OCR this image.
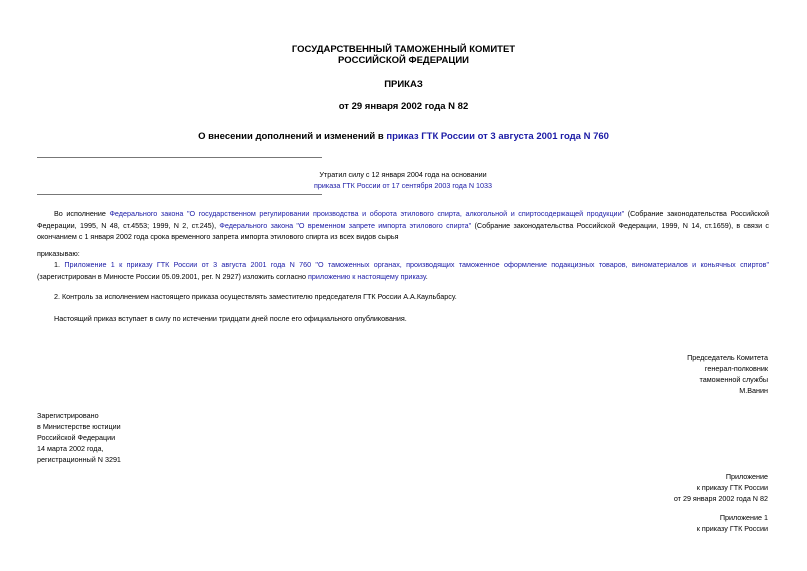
ГОСУДАРСТВЕННЫЙ ТАМОЖЕННЫЙ КОМИТЕТ
РОССИЙСКОЙ ФЕДЕРАЦИИ
ПРИКАЗ
от 29 января 2002 года N 82
О внесении дополнений и изменений в приказ ГТК России от 3 августа 2001 года N 760
Утратил силу с 12 января 2004 года на основании
приказа ГТК России от 17 сентября 2003 года N 1033
Во исполнение Федерального закона "О государственном регулировании производства и оборота этилового спирта, алкогольной и спиртосодержащей продукции" (Собрание законодательства Российской Федерации, 1995, N 48, ст.4553; 1999, N 2, ст.245), Федерального закона "О временном запрете импорта этилового спирта" (Собрание законодательства Российской Федерации, 1999, N 14, ст.1659), в связи с окончанием с 1 января 2002 года срока временного запрета импорта этилового спирта из всех видов сырья
приказываю:
1. Приложение 1 к приказу ГТК России от 3 августа 2001 года N 760 "О таможенных органах, производящих таможенное оформление подакцизных товаров, виноматериалов и коньячных спиртов" (зарегистрирован в Минюсте России 05.09.2001, рег. N 2927) изложить согласно приложению к настоящему приказу.
2. Контроль за исполнением настоящего приказа осуществлять заместителю председателя ГТК России А.А.Каульбарсу.
Настоящий приказ вступает в силу по истечении тридцати дней после его официального опубликования.
Председатель Комитета
генерал-полковник
таможенной службы
М.Ванин
Зарегистрировано
в Министерстве юстиции
Российской Федерации
14 марта 2002 года,
регистрационный N 3291
Приложение
к приказу ГТК России
от 29 января 2002 года N 82
Приложение 1
к приказу ГТК России
